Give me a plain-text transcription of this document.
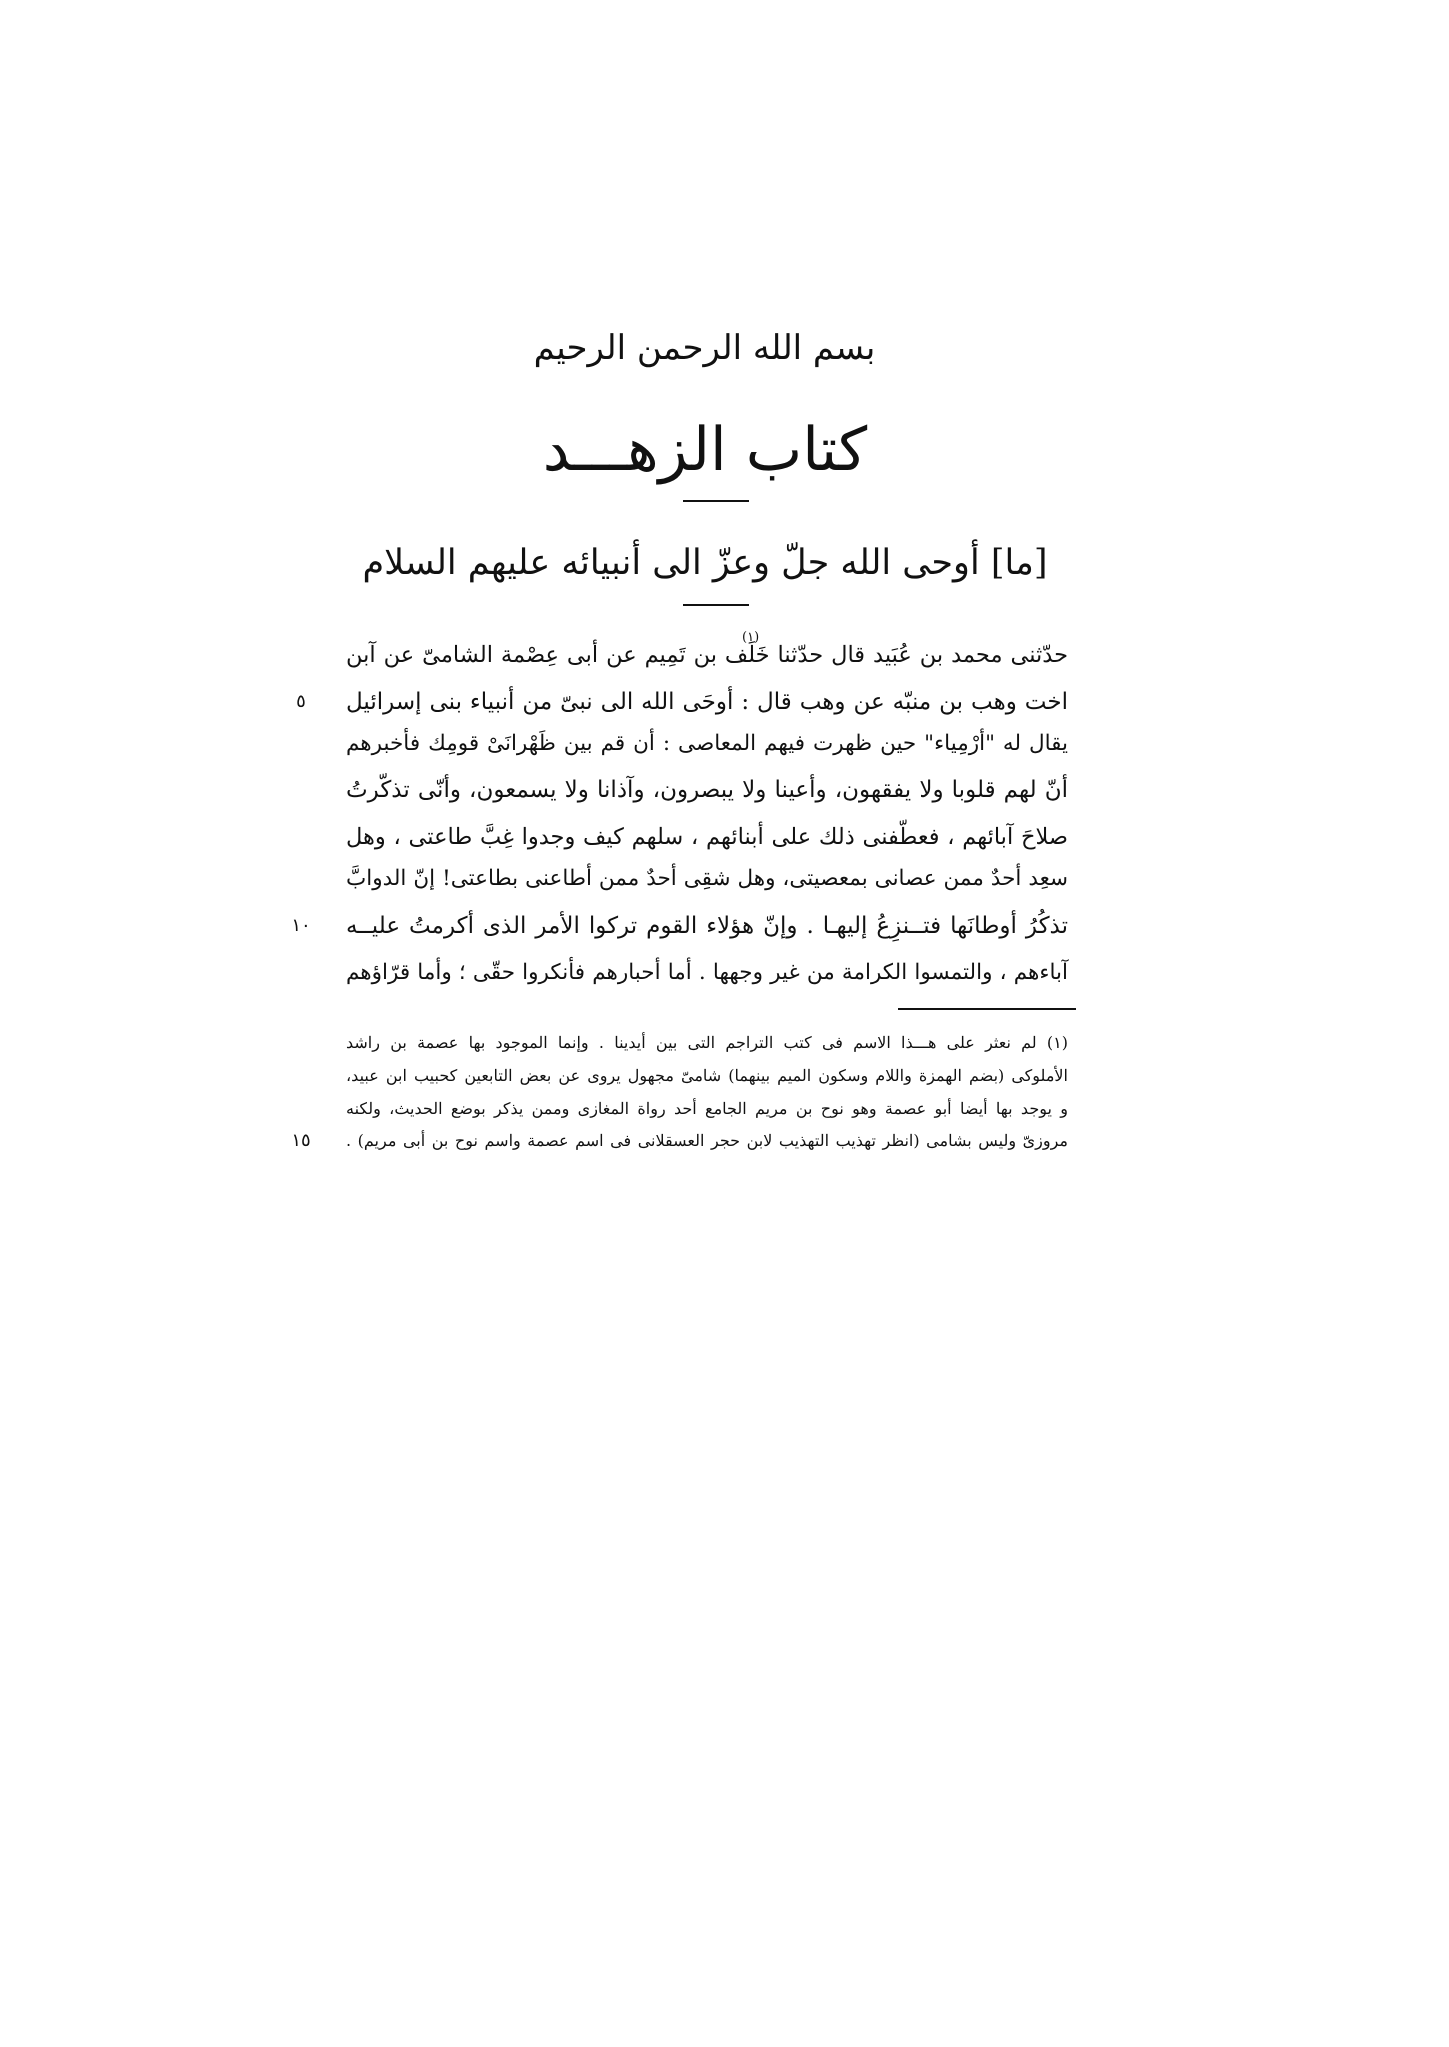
بسم الله الرحمن الرحيم
كتاب الزهـــد
[ما] أوحى الله جلّ وعزّ الى أنبيائه عليهم السلام
(١)
حدّثنى محمد بن عُبَيد قال حدّثنا خَلَف بن تَمِيم عن أبى عِصْمة الشامىّ عن آبن
اخت وهب بن منبّه عن وهب قال : أوحَى الله الى نبىّ من أنبياء بنى إسرائيل
يقال له "أرْمِياء" حين ظهرت فيهم المعاصى : أن قم بين ظَهْرانَىْ قومِك فأخبرهم
أنّ لهم قلوبا ولا يفقهون، وأعينا ولا يبصرون، وآذانا ولا يسمعون، وأنّى تذكّرتُ
صلاحَ آبائهم ، فعطّفنى ذلك على أبنائهم ، سلهم كيف وجدوا غِبَّ طاعتى ، وهل
سعِد أحدٌ ممن عصانى بمعصيتى، وهل شقِى أحدٌ ممن أطاعنى بطاعتى! إنّ الدوابَّ
تذكُرُ أوطانَها فتــنزِعُ إليهـا . وإنّ هؤلاء القوم تركوا الأمر الذى أكرمتُ عليــه
آباءهم ، والتمسوا الكرامة من غير وجهها . أما أحبارهم فأنكروا حقّى ؛ وأما قرّاؤهم
٥
١٠
١٥
(١) لم نعثر على هـــذا الاسم فى كتب التراجم التى بين أيدينا . وإنما الموجود بها عصمة بن راشد
الأملوكى (بضم الهمزة واللام وسكون الميم بينهما) شامىّ مجهول يروى عن بعض التابعين كحبيب ابن عبيد،
و يوجد بها أيضا أبو عصمة وهو نوح بن مريم الجامع أحد رواة المغازى وممن يذكر بوضع الحديث، ولكنه
مروزىّ وليس بشامى (انظر تهذيب التهذيب لابن حجر العسقلانى فى اسم عصمة واسم نوح بن أبى مريم) .
